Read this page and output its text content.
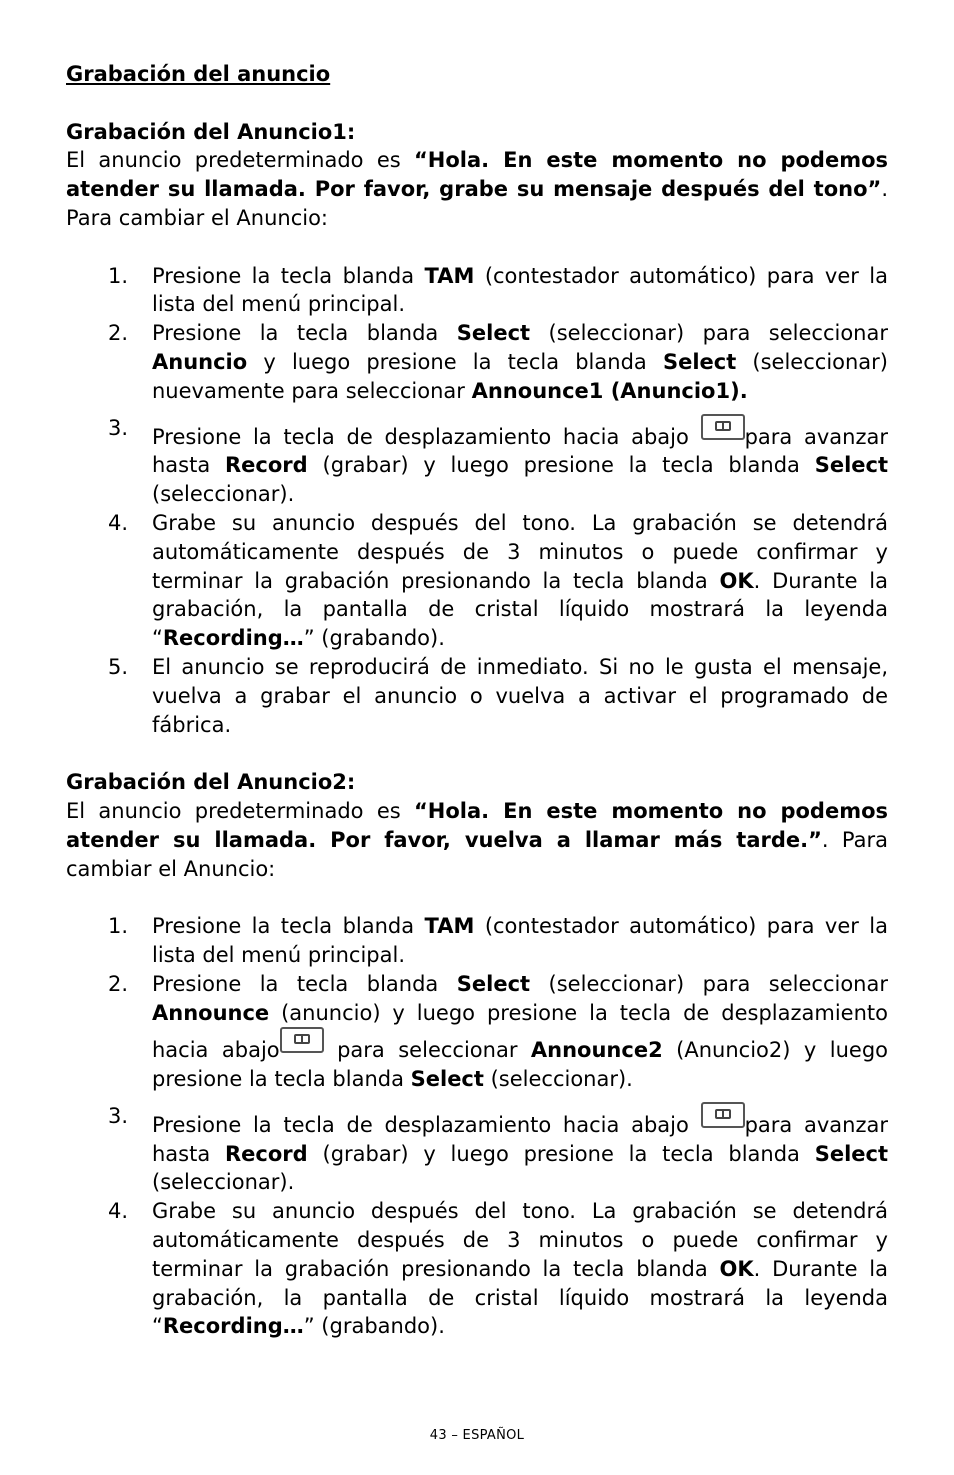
Grabación del anuncio

Grabación del Anuncio1:

El anuncio predeterminado es “Hola. En este momento no podemos atender su llamada. Por favor, grabe su mensaje después del tono”. Para cambiar el Anuncio:

1. Presione la tecla blanda TAM (contestador automático) para ver la lista del menú principal.
2. Presione la tecla blanda Select (seleccionar) para seleccionar Anuncio y luego presione la tecla blanda Select (seleccionar) nuevamente para seleccionar Announce1 (Anuncio1).
3. Presione la tecla de desplazamiento hacia abajo para avanzar hasta Record (grabar) y luego presione la tecla blanda Select (seleccionar).
4. Grabe su anuncio después del tono. La grabación se detendrá automáticamente después de 3 minutos o puede confirmar y terminar la grabación presionando la tecla blanda OK. Durante la grabación, la pantalla de cristal líquido mostrará la leyenda “Recording…” (grabando).
5. El anuncio se reproducirá de inmediato. Si no le gusta el mensaje, vuelva a grabar el anuncio o vuelva a activar el programado de fábrica.

Grabación del Anuncio2:

El anuncio predeterminado es “Hola. En este momento no podemos atender su llamada. Por favor, vuelva a llamar más tarde.”. Para cambiar el Anuncio:

1. Presione la tecla blanda TAM (contestador automático) para ver la lista del menú principal.
2. Presione la tecla blanda Select (seleccionar) para seleccionar Announce (anuncio) y luego presione la tecla de desplazamiento hacia abajo para seleccionar Announce2 (Anuncio2) y luego presione la tecla blanda Select (seleccionar).
3. Presione la tecla de desplazamiento hacia abajo para avanzar hasta Record (grabar) y luego presione la tecla blanda Select (seleccionar).
4. Grabe su anuncio después del tono. La grabación se detendrá automáticamente después de 3 minutos o puede confirmar y terminar la grabación presionando la tecla blanda OK. Durante la grabación, la pantalla de cristal líquido mostrará la leyenda “Recording…” (grabando).
43 – ESPAÑOL
